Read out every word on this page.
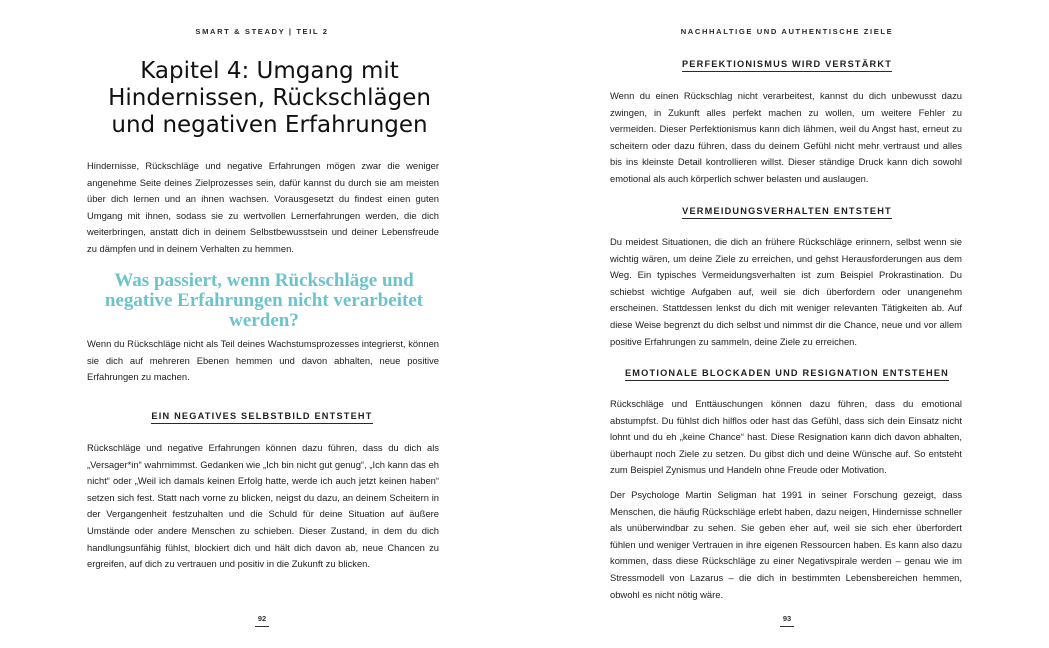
SMART & STEADY | TEIL 2
Kapitel 4: Umgang mit Hindernissen, Rückschlägen und negativen Erfahrungen

Hindernisse, Rückschläge und negative Erfahrungen mögen zwar die weniger angenehme Seite deines Zielprozesses sein, dafür kannst du durch sie am meisten über dich lernen und an ihnen wachsen. Vorausgesetzt du findest einen guten Umgang mit ihnen, sodass sie zu wertvollen Lernerfahrungen werden, die dich weiterbringen, anstatt dich in deinem Selbstbewusstsein und deiner Lebensfreude zu dämpfen und in deinem Verhalten zu hemmen.

Was passiert, wenn Rückschläge und negative Erfahrungen nicht verarbeitet werden?

Wenn du Rückschläge nicht als Teil deines Wachstumsprozesses integrierst, können sie dich auf mehreren Ebenen hemmen und davon abhalten, neue positive Erfahrungen zu machen.

EIN NEGATIVES SELBSTBILD ENTSTEHT

Rückschläge und negative Erfahrungen können dazu führen, dass du dich als „Versager*in“ wahrnimmst. Gedanken wie „Ich bin nicht gut genug“, „Ich kann das eh nicht“ oder „Weil ich damals keinen Erfolg hatte, werde ich auch jetzt keinen haben“ setzen sich fest. Statt nach vorne zu blicken, neigst du dazu, an deinem Scheitern in der Vergangenheit festzuhalten und die Schuld für deine Situation auf äußere Umstände oder andere Menschen zu schieben. Dieser Zustand, in dem du dich handlungsunfähig fühlst, blockiert dich und hält dich davon ab, neue Chancen zu ergreifen, auf dich zu vertrauen und positiv in die Zukunft zu blicken.

92
NACHHALTIGE UND AUTHENTISCHE ZIELE
PERFEKTIONISMUS WIRD VERSTÄRKT

Wenn du einen Rückschlag nicht verarbeitest, kannst du dich unbewusst dazu zwingen, in Zukunft alles perfekt machen zu wollen, um weitere Fehler zu vermeiden. Dieser Perfektionismus kann dich lähmen, weil du Angst hast, erneut zu scheitern oder dazu führen, dass du deinem Gefühl nicht mehr vertraust und alles bis ins kleinste Detail kontrollieren willst. Dieser ständige Druck kann dich sowohl emotional als auch körperlich schwer belasten und auslaugen.

VERMEIDUNGSVERHALTEN ENTSTEHT

Du meidest Situationen, die dich an frühere Rückschläge erinnern, selbst wenn sie wichtig wären, um deine Ziele zu erreichen, und gehst Herausforderungen aus dem Weg. Ein typisches Vermeidungsverhalten ist zum Beispiel Prokrastination. Du schiebst wichtige Aufgaben auf, weil sie dich überfordern oder unangenehm erscheinen. Stattdessen lenkst du dich mit weniger relevanten Tätigkeiten ab. Auf diese Weise begrenzt du dich selbst und nimmst dir die Chance, neue und vor allem positive Erfahrungen zu sammeln, deine Ziele zu erreichen.

EMOTIONALE BLOCKADEN UND RESIGNATION ENTSTEHEN

Rückschläge und Enttäuschungen können dazu führen, dass du emotional abstumpfst. Du fühlst dich hilflos oder hast das Gefühl, dass sich dein Einsatz nicht lohnt und du eh „keine Chance“ hast. Diese Resignation kann dich davon abhalten, überhaupt noch Ziele zu setzen. Du gibst dich und deine Wünsche auf. So entsteht zum Beispiel Zynismus und Handeln ohne Freude oder Motivation.

Der Psychologe Martin Seligman hat 1991 in seiner Forschung gezeigt, dass Menschen, die häufig Rückschläge erlebt haben, dazu neigen, Hindernisse schneller als unüberwindbar zu sehen. Sie geben eher auf, weil sie sich eher überfordert fühlen und weniger Vertrauen in ihre eigenen Ressourcen haben. Es kann also dazu kommen, dass diese Rückschläge zu einer Negativspirale werden – genau wie im Stressmodell von Lazarus – die dich in bestimmten Lebensbereichen hemmen, obwohl es nicht nötig wäre.

93
